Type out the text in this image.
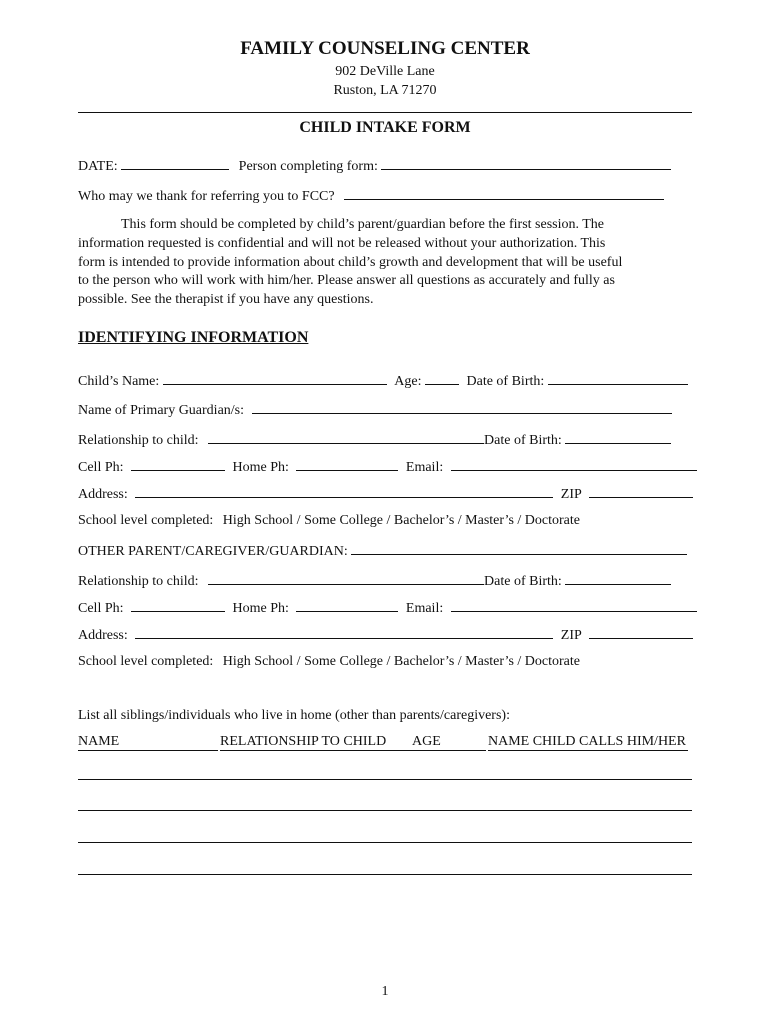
FAMILY COUNSELING CENTER
902 DeVille Lane
Ruston, LA 71270
CHILD INTAKE FORM
DATE:	Person completing form:
Who may we thank for referring you to FCC?
This form should be completed by child’s parent/guardian before the first session. The
information requested is confidential and will not be released without your authorization. This
form is intended to provide information about child’s growth and development that will be useful
to the person who will work with him/her. Please answer all questions as accurately and fully as
possible. See the therapist if you have any questions.
IDENTIFYING INFORMATION
Child’s Name:	Age:	Date of Birth:
Name of Primary Guardian/s:
Relationship to child:	Date of Birth:
Cell Ph:	Home Ph:	Email:
Address:	ZIP
School level completed: High School / Some College / Bachelor’s / Master’s / Doctorate
OTHER PARENT/CAREGIVER/GUARDIAN:
Relationship to child:	Date of Birth:
Cell Ph:	Home Ph:	Email:
Address:	ZIP
School level completed: High School / Some College / Bachelor’s / Master’s / Doctorate
List all siblings/individuals who live in home (other than parents/caregivers):
NAME	RELATIONSHIP TO CHILD	AGE	NAME CHILD CALLS HIM/HER
1
